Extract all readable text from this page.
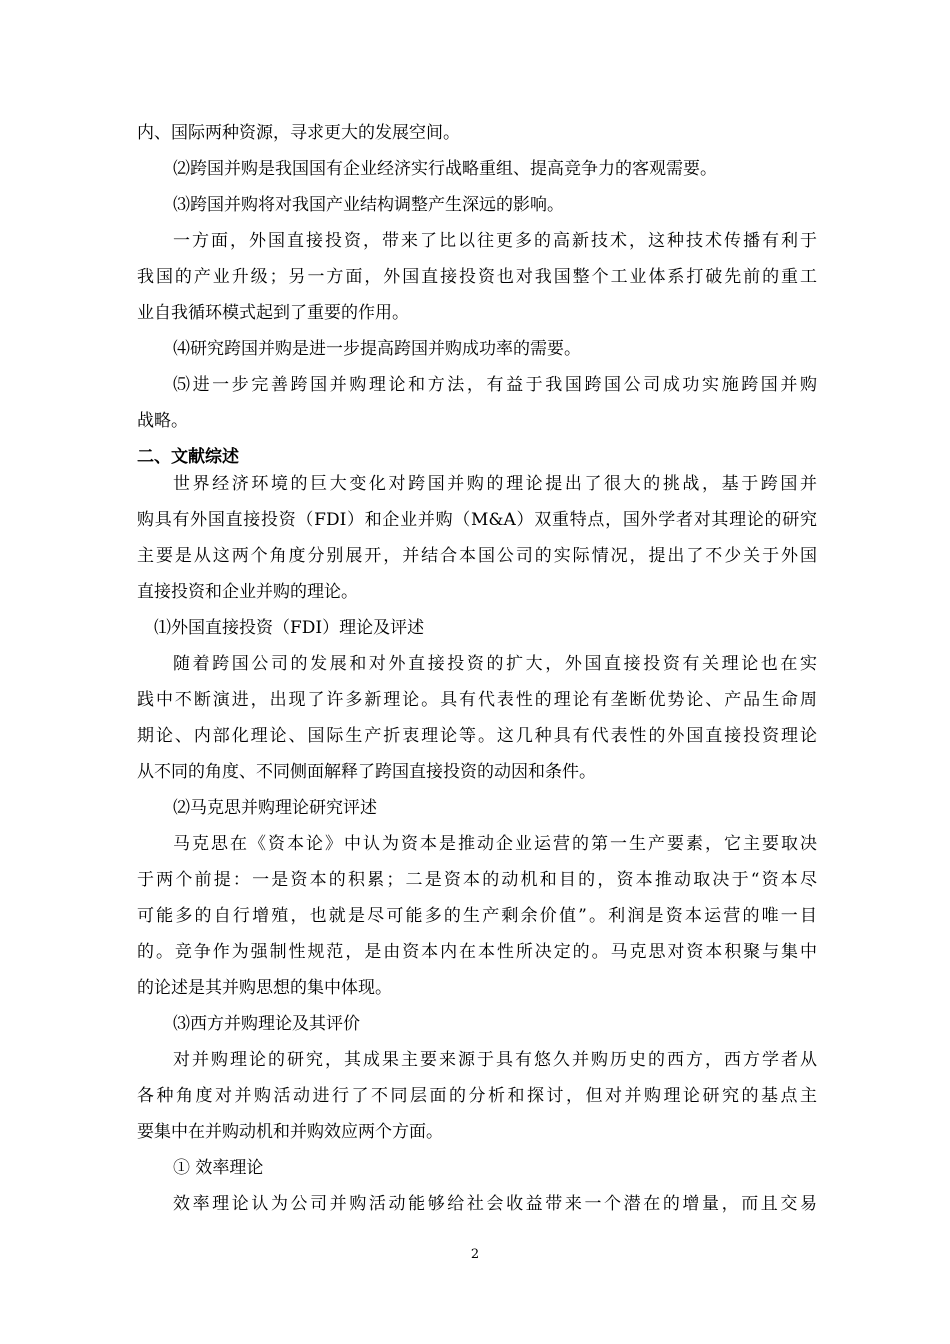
内、国际两种资源，寻求更大的发展空间。
⑵跨国并购是我国国有企业经济实行战略重组、提高竞争力的客观需要。
⑶跨国并购将对我国产业结构调整产生深远的影响。
一方面，外国直接投资，带来了比以往更多的高新技术，这种技术传播有利于
我国的产业升级；另一方面，外国直接投资也对我国整个工业体系打破先前的重工
业自我循环模式起到了重要的作用。
⑷研究跨国并购是进一步提高跨国并购成功率的需要。
⑸进一步完善跨国并购理论和方法，有益于我国跨国公司成功实施跨国并购
战略。
二、文献综述
世界经济环境的巨大变化对跨国并购的理论提出了很大的挑战，基于跨国并
购具有外国直接投资（FDI）和企业并购（M&A）双重特点，国外学者对其理论的研究
主要是从这两个角度分别展开，并结合本国公司的实际情况，提出了不少关于外国
直接投资和企业并购的理论。
⑴外国直接投资（FDI）理论及评述
随着跨国公司的发展和对外直接投资的扩大，外国直接投资有关理论也在实
践中不断演进，出现了许多新理论。具有代表性的理论有垄断优势论、产品生命周
期论、内部化理论、国际生产折衷理论等。这几种具有代表性的外国直接投资理论
从不同的角度、不同侧面解释了跨国直接投资的动因和条件。
⑵马克思并购理论研究评述
马克思在《资本论》中认为资本是推动企业运营的第一生产要素，它主要取决
于两个前提：一是资本的积累；二是资本的动机和目的，资本推动取决于“资本尽
可能多的自行增殖，也就是尽可能多的生产剩余价值”。利润是资本运营的唯一目
的。竞争作为强制性规范，是由资本内在本性所决定的。马克思对资本积聚与集中
的论述是其并购思想的集中体现。
⑶西方并购理论及其评价
对并购理论的研究，其成果主要来源于具有悠久并购历史的西方，西方学者从
各种角度对并购活动进行了不同层面的分析和探讨，但对并购理论研究的基点主
要集中在并购动机和并购效应两个方面。
① 效率理论
效率理论认为公司并购活动能够给社会收益带来一个潜在的增量，而且交易
2
